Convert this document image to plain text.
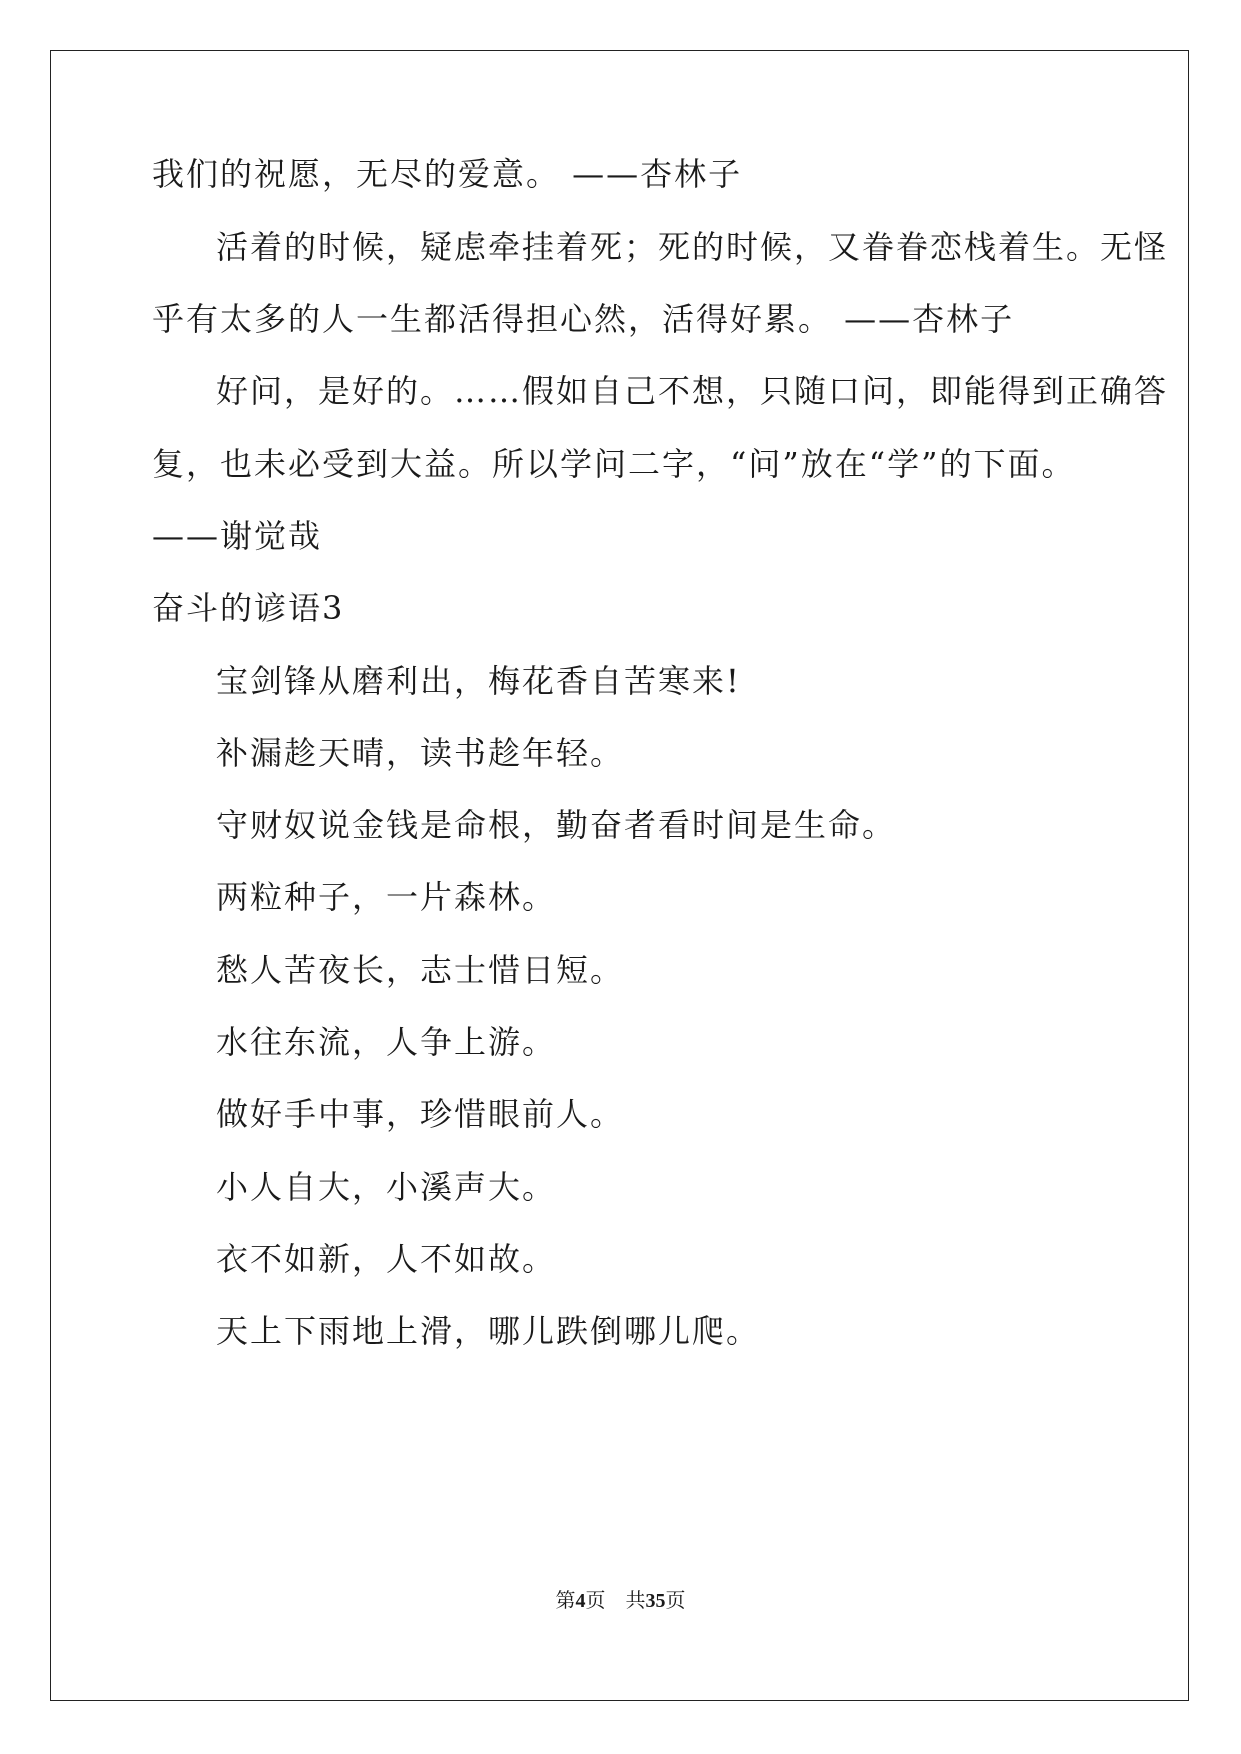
我们的祝愿，无尽的爱意。 ——杏林子
活着的时候，疑虑牵挂着死；死的时候，又眷眷恋栈着生。无怪
乎有太多的人一生都活得担心然，活得好累。 ——杏林子
好问，是好的。……假如自己不想，只随口问，即能得到正确答
复，也未必受到大益。所以学问二字，“问”放在“学”的下面。
——谢觉哉
奋斗的谚语3
宝剑锋从磨利出，梅花香自苦寒来!
补漏趁天晴，读书趁年轻。
守财奴说金钱是命根，勤奋者看时间是生命。
两粒种子，一片森林。
愁人苦夜长，志士惜日短。
水往东流，人争上游。
做好手中事，珍惜眼前人。
小人自大，小溪声大。
衣不如新，人不如故。
天上下雨地上滑，哪儿跌倒哪儿爬。
第4页　共35页
